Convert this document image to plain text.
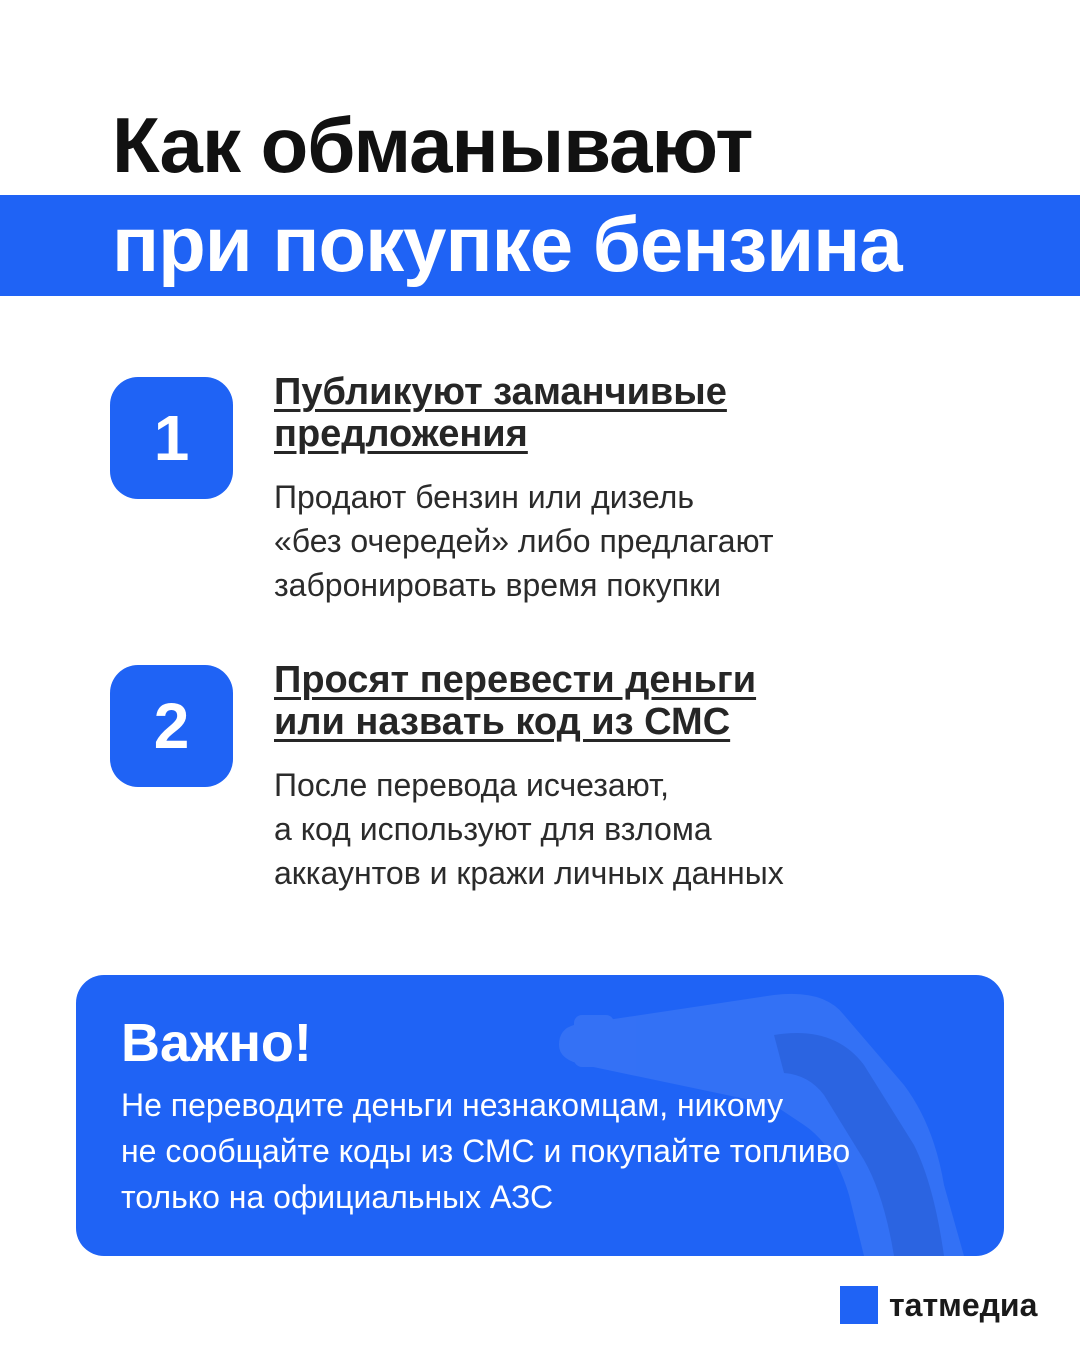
Как обманывают
при покупке бензина
1
Публикуют заманчивые
предложения
Продают бензин или дизель
«без очередей» либо предлагают
забронировать время покупки
2
Просят перевести деньги
или назвать код из СМС
После перевода исчезают,
а код используют для взлома
аккаунтов и кражи личных данных
Важно!
Не переводите деньги незнакомцам, никому
не сообщайте коды из СМС и покупайте топливо
только на официальных АЗС
татмедиа
